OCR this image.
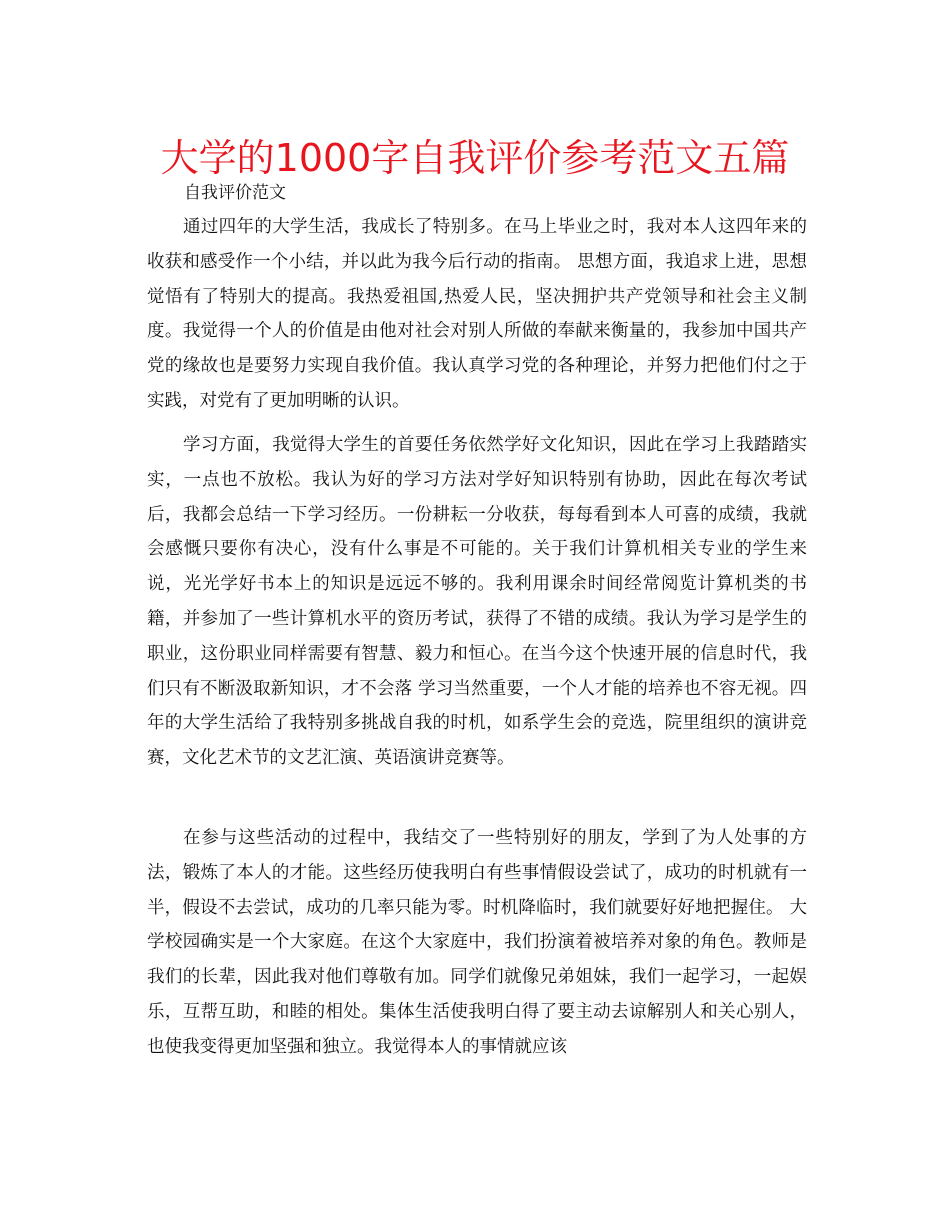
大学的1000字自我评价参考范文五篇
自我评价范文

通过四年的大学生活，我成长了特别多。在马上毕业之时，我对本人这四年来的收获和感受作一个小结，并以此为我今后行动的指南。 思想方面，我追求上进，思想觉悟有了特别大的提高。我热爱祖国,热爱人民，坚决拥护共产党领导和社会主义制度。我觉得一个人的价值是由他对社会对别人所做的奉献来衡量的，我参加中国共产党的缘故也是要努力实现自我价值。我认真学习党的各种理论，并努力把他们付之于实践，对党有了更加明晰的认识。

学习方面，我觉得大学生的首要任务依然学好文化知识，因此在学习上我踏踏实实，一点也不放松。我认为好的学习方法对学好知识特别有协助，因此在每次考试后，我都会总结一下学习经历。一份耕耘一分收获，每每看到本人可喜的成绩，我就会感慨只要你有决心，没有什么事是不可能的。关于我们计算机相关专业的学生来说，光光学好书本上的知识是远远不够的。我利用课余时间经常阅览计算机类的书籍，并参加了一些计算机水平的资历考试，获得了不错的成绩。我认为学习是学生的职业，这份职业同样需要有智慧、毅力和恒心。在当今这个快速开展的信息时代，我们只有不断汲取新知识，才不会落 学习当然重要，一个人才能的培养也不容无视。四年的大学生活给了我特别多挑战自我的时机，如系学生会的竞选，院里组织的演讲竞赛，文化艺术节的文艺汇演、英语演讲竞赛等。

在参与这些活动的过程中，我结交了一些特别好的朋友，学到了为人处事的方法，锻炼了本人的才能。这些经历使我明白有些事情假设尝试了，成功的时机就有一半，假设不去尝试，成功的几率只能为零。时机降临时，我们就要好好地把握住。 大学校园确实是一个大家庭。在这个大家庭中，我们扮演着被培养对象的角色。教师是我们的长辈，因此我对他们尊敬有加。同学们就像兄弟姐妹，我们一起学习，一起娱乐，互帮互助，和睦的相处。集体生活使我明白得了要主动去谅解别人和关心别人，也使我变得更加坚强和独立。我觉得本人的事情就应该
